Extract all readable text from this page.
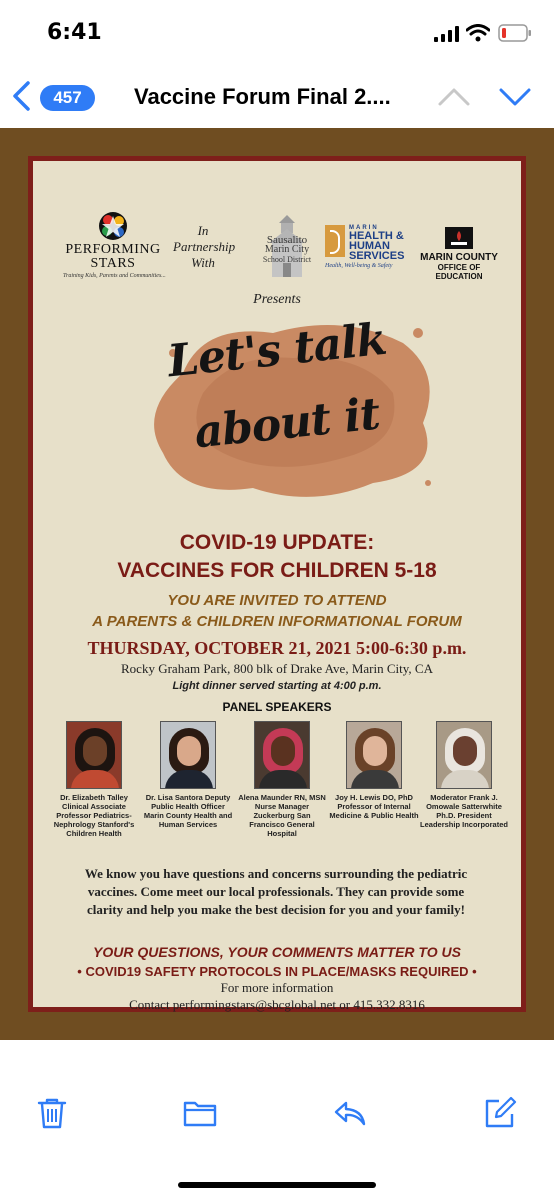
6:41
457	Vaccine Forum Final 2....
PERFORMING STARS
Training Kids, Parents and Communities...
In
Partnership
With
Sausalito
Marin City
School District
MARIN
HEALTH & HUMAN SERVICES
Health, Well-being & Safety
MARIN COUNTY
OFFICE OF EDUCATION
Presents
Let's talk
about it
COVID-19 UPDATE:
VACCINES FOR CHILDREN 5-18
YOU ARE INVITED TO ATTEND
A PARENTS & CHILDREN INFORMATIONAL FORUM
THURSDAY, OCTOBER 21, 2021 5:00-6:30 p.m.
Rocky Graham Park, 800 blk of Drake Ave, Marin City, CA
Light dinner served starting at 4:00 p.m.
PANEL SPEAKERS
Dr. Elizabeth Talley Clinical Associate Professor Pediatrics-Nephrology Stanford's Children Health
Dr. Lisa Santora Deputy Public Health Officer Marin County Health and Human Services
Alena Maunder RN, MSN Nurse Manager Zuckerburg San Francisco General Hospital
Joy H. Lewis DO, PhD Professor of Internal Medicine & Public Health
Moderator Frank J. Omowale Satterwhite Ph.D. President Leadership Incorporated
We know you have questions and concerns surrounding the pediatric vaccines. Come meet our local professionals. They can provide some clarity and help you make the best decision for you and your family!
YOUR QUESTIONS, YOUR COMMENTS MATTER TO US
• COVID19 SAFETY PROTOCOLS IN PLACE/MASKS REQUIRED •
For more information
Contact performingstars@sbcglobal.net or 415.332.8316
